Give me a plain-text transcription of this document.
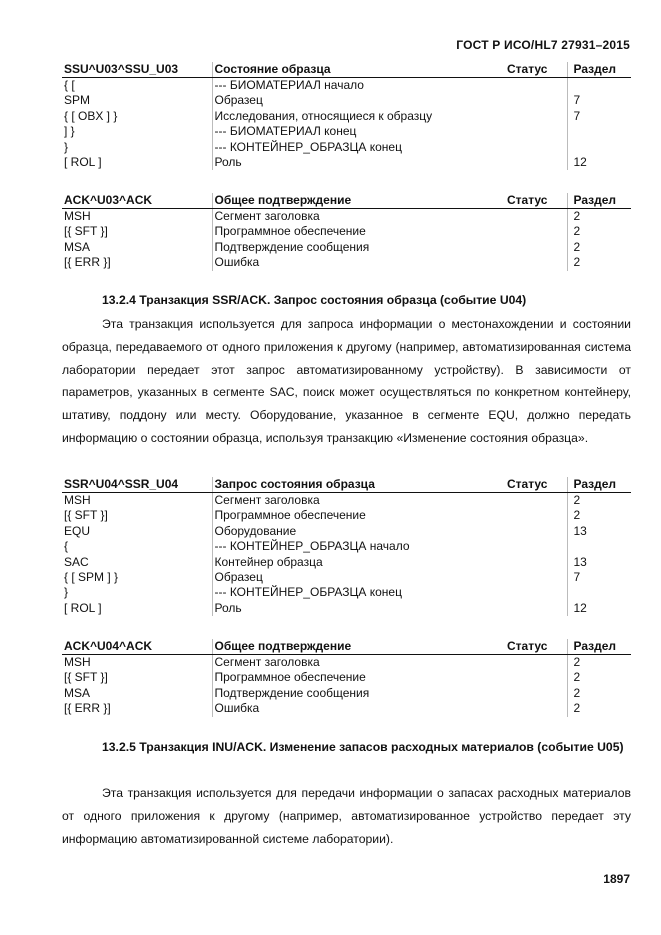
ГОСТ Р ИСО/HL7 27931–2015
SSU^U03^SSU_U03	Состояние образца	Статус	Раздел
{ [	--- БИОМАТЕРИАЛ начало		
SPM	Образец		7
{ [ OBX ] }	Исследования, относящиеся к образцу		7
] }	--- БИОМАТЕРИАЛ конец		
}	--- КОНТЕЙНЕР_ОБРАЗЦА конец		
[ ROL ]	Роль		12
ACK^U03^ACK	Общее подтверждение	Статус	Раздел
MSH	Сегмент заголовка		2
[{ SFT }]	Программное обеспечение		2
MSA	Подтверждение сообщения		2
[{ ERR }]	Ошибка		2
13.2.4 Транзакция SSR/ACK. Запрос состояния образца (событие U04)
Эта транзакция используется для запроса информации о местонахождении и состоянии образца, передаваемого от одного приложения к другому (например, автоматизированная система лаборатории передает этот запрос автоматизированному устройству). В зависимости от параметров, указанных в сегменте SAC, поиск может осуществляться по конкретном контейнеру, штативу, поддону или месту. Оборудование, указанное в сегменте EQU, должно передать информацию о состоянии образца, используя транзакцию «Изменение состояния образца».
SSR^U04^SSR_U04	Запрос состояния образца	Статус	Раздел
MSH	Сегмент заголовка		2
[{ SFT }]	Программное обеспечение		2
EQU	Оборудование		13
{	--- КОНТЕЙНЕР_ОБРАЗЦА начало		
SAC	Контейнер образца		13
{ [ SPM ] }	Образец		7
}	--- КОНТЕЙНЕР_ОБРАЗЦА конец		
[ ROL ]	Роль		12
ACK^U04^ACK	Общее подтверждение	Статус	Раздел
MSH	Сегмент заголовка		2
[{ SFT }]	Программное обеспечение		2
MSA	Подтверждение сообщения		2
[{ ERR }]	Ошибка		2
13.2.5 Транзакция INU/ACK. Изменение запасов расходных материалов (событие U05)
Эта транзакция используется для передачи информации о запасах расходных материалов от одного приложения к другому (например, автоматизированное устройство передает эту информацию автоматизированной системе лаборатории).
1897
